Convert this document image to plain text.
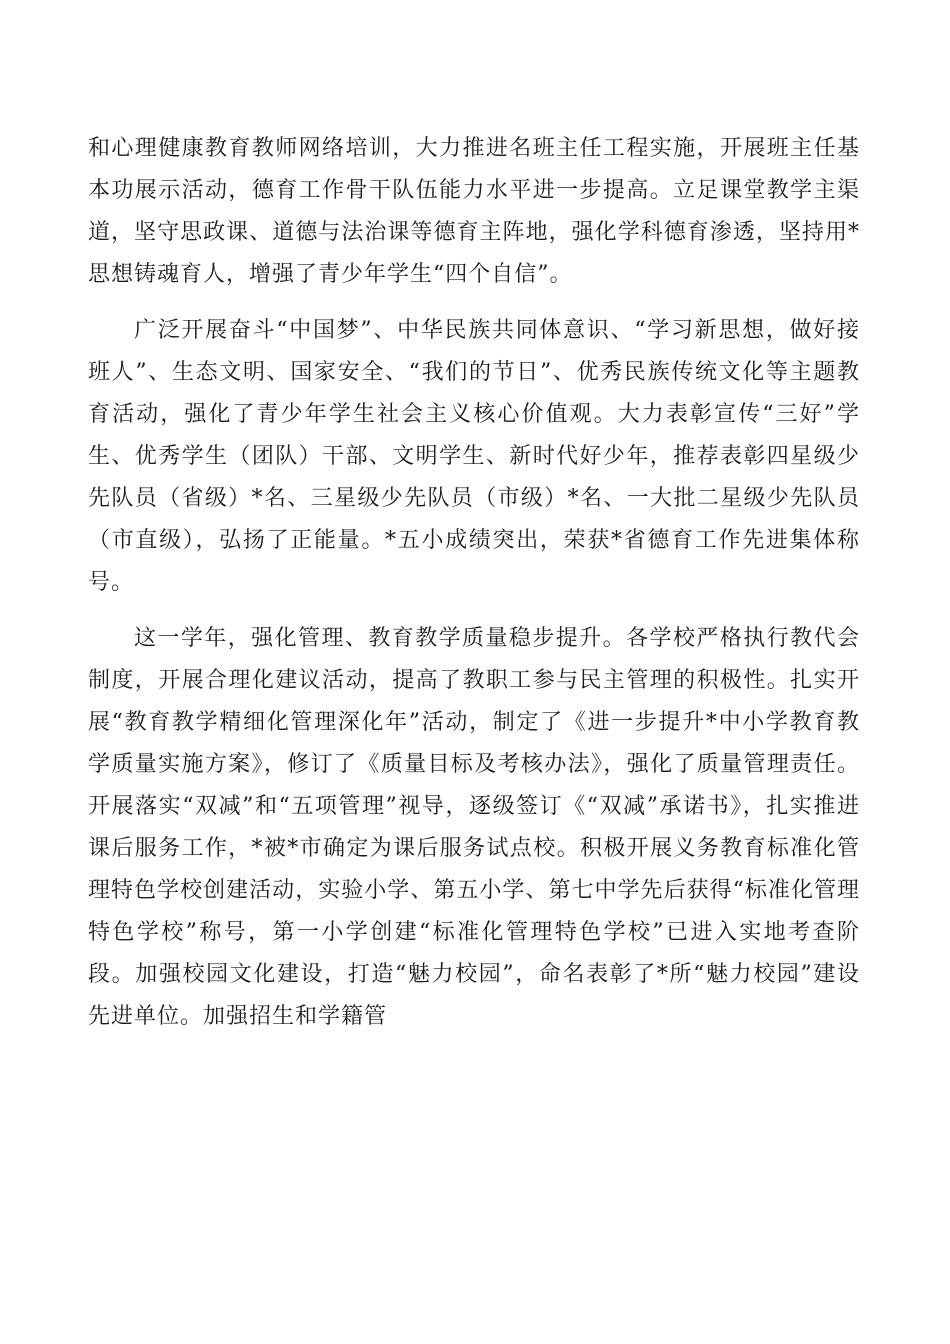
和心理健康教育教师网络培训，大力推进名班主任工程实施，开展班主任基本功展示活动，德育工作骨干队伍能力水平进一步提高。立足课堂教学主渠道，坚守思政课、道德与法治课等德育主阵地，强化学科德育渗透，坚持用*思想铸魂育人，增强了青少年学生“四个自信”。

广泛开展奋斗“中国梦”、中华民族共同体意识、“学习新思想，做好接班人”、生态文明、国家安全、“我们的节日”、优秀民族传统文化等主题教育活动，强化了青少年学生社会主义核心价值观。大力表彰宣传“三好”学生、优秀学生（团队）干部、文明学生、新时代好少年，推荐表彰四星级少先队员（省级）*名、三星级少先队员（市级）*名、一大批二星级少先队员（市直级），弘扬了正能量。*五小成绩突出，荣获*省德育工作先进集体称号。

这一学年，强化管理、教育教学质量稳步提升。各学校严格执行教代会制度，开展合理化建议活动，提高了教职工参与民主管理的积极性。扎实开展“教育教学精细化管理深化年”活动，制定了《进一步提升*中小学教育教学质量实施方案》，修订了《质量目标及考核办法》，强化了质量管理责任。开展落实“双减”和“五项管理”视导，逐级签订《“双减”承诺书》，扎实推进课后服务工作，*被*市确定为课后服务试点校。积极开展义务教育标准化管理特色学校创建活动，实验小学、第五小学、第七中学先后获得“标准化管理特色学校”称号，第一小学创建“标准化管理特色学校”已进入实地考查阶段。加强校园文化建设，打造“魅力校园”，命名表彰了*所“魅力校园”建设先进单位。加强招生和学籍管
